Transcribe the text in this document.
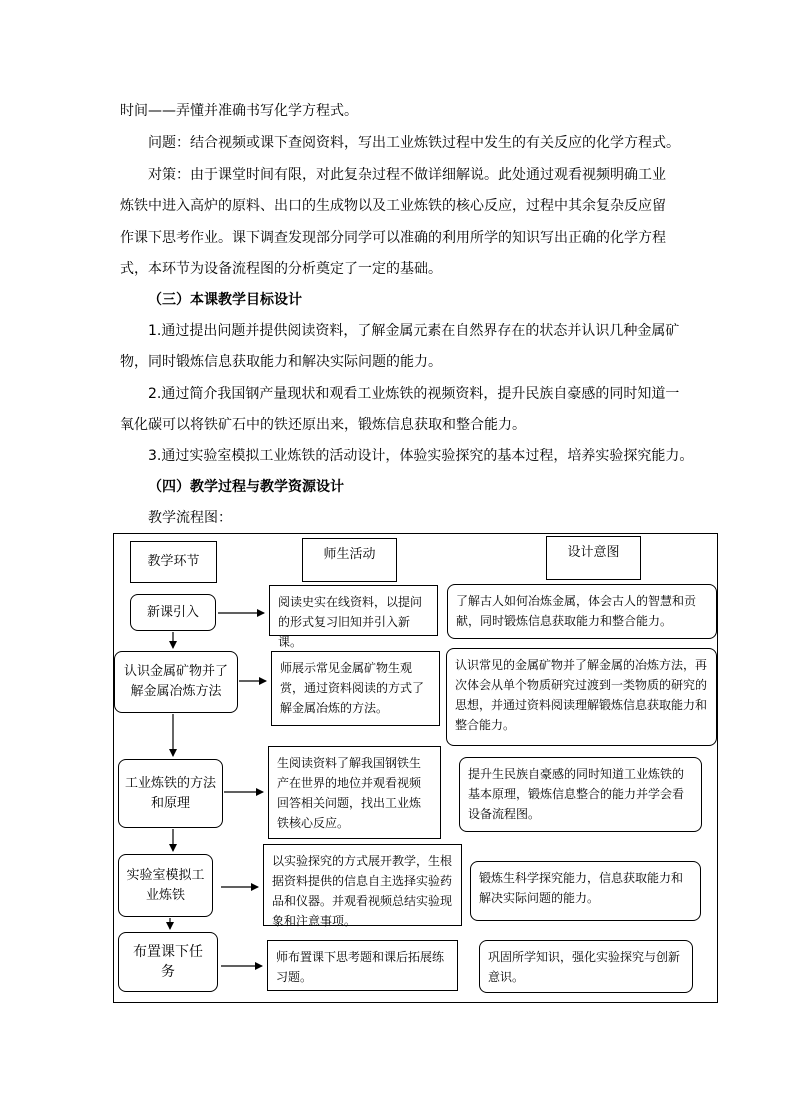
时间——弄懂并准确书写化学方程式。
问题：结合视频或课下查阅资料，写出工业炼铁过程中发生的有关反应的化学方程式。
对策：由于课堂时间有限，对此复杂过程不做详细解说。此处通过观看视频明确工业
炼铁中进入高炉的原料、出口的生成物以及工业炼铁的核心反应，过程中其余复杂反应留
作课下思考作业。课下调查发现部分同学可以准确的利用所学的知识写出正确的化学方程
式，本环节为设备流程图的分析奠定了一定的基础。
（三）本课教学目标设计
1.通过提出问题并提供阅读资料，了解金属元素在自然界存在的状态并认识几种金属矿
物，同时锻炼信息获取能力和解决实际问题的能力。
2.通过简介我国钢产量现状和观看工业炼铁的视频资料，提升民族自豪感的同时知道一
氧化碳可以将铁矿石中的铁还原出来，锻炼信息获取和整合能力。
3.通过实验室模拟工业炼铁的活动设计，体验实验探究的基本过程，培养实验探究能力。
（四）教学过程与教学资源设计
教学流程图：
教学环节	师生活动	设计意图
新课引入
阅读史实在线资料，以提问的形式复习旧知并引入新课。
了解古人如何冶炼金属，体会古人的智慧和贡献，同时锻炼信息获取能力和整合能力。
认识金属矿物并了解金属冶炼方法
师展示常见金属矿物生观赏，通过资料阅读的方式了解金属冶炼的方法。
认识常见的金属矿物并了解金属的冶炼方法，再次体会从单个物质研究过渡到一类物质的研究的思想，并通过资料阅读理解锻炼信息获取能力和整合能力。
工业炼铁的方法和原理
生阅读资料了解我国钢铁生产在世界的地位并观看视频回答相关问题，找出工业炼铁核心反应。
提升生民族自豪感的同时知道工业炼铁的基本原理，锻炼信息整合的能力并学会看设备流程图。
实验室模拟工业炼铁
以实验探究的方式展开教学，生根据资料提供的信息自主选择实验药品和仪器。并观看视频总结实验现象和注意事项。
锻炼生科学探究能力，信息获取能力和解决实际问题的能力。
布置课下任务
师布置课下思考题和课后拓展练习题。
巩固所学知识，强化实验探究与创新意识。
